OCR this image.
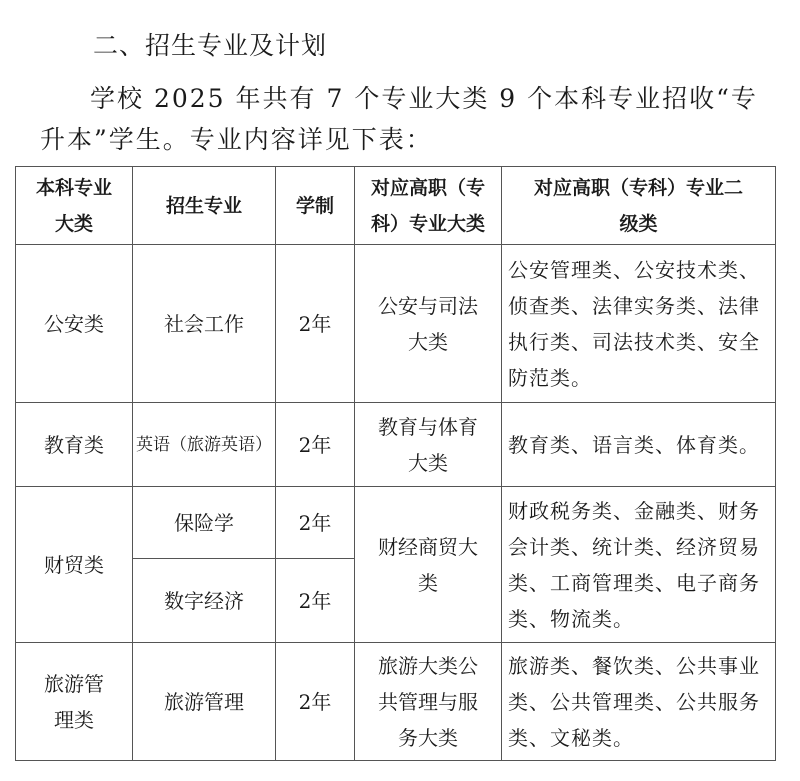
二、招生专业及计划
学校 2025 年共有 7 个专业大类 9 个本科专业招收“专升本”学生。专业内容详见下表：
本科专业大类	招生专业	学制	对应高职（专科）专业大类	对应高职（专科）专业二级类

公安类	社会工作	2年	公安与司法大类	公安管理类、公安技术类、侦查类、法律实务类、法律执行类、司法技术类、安全防范类。
教育类	英语（旅游英语）	2年	教育与体育大类	教育类、语言类、体育类。
财贸类	保险学	2年	财经商贸大类	财政税务类、金融类、财务会计类、统计类、经济贸易类、工商管理类、电子商务类、物流类。
	数字经济	2年		

旅游管理类	旅游管理	2年	旅游大类公共管理与服务大类	旅游类、餐饮类、公共事业类、公共管理类、公共服务类、文秘类。
